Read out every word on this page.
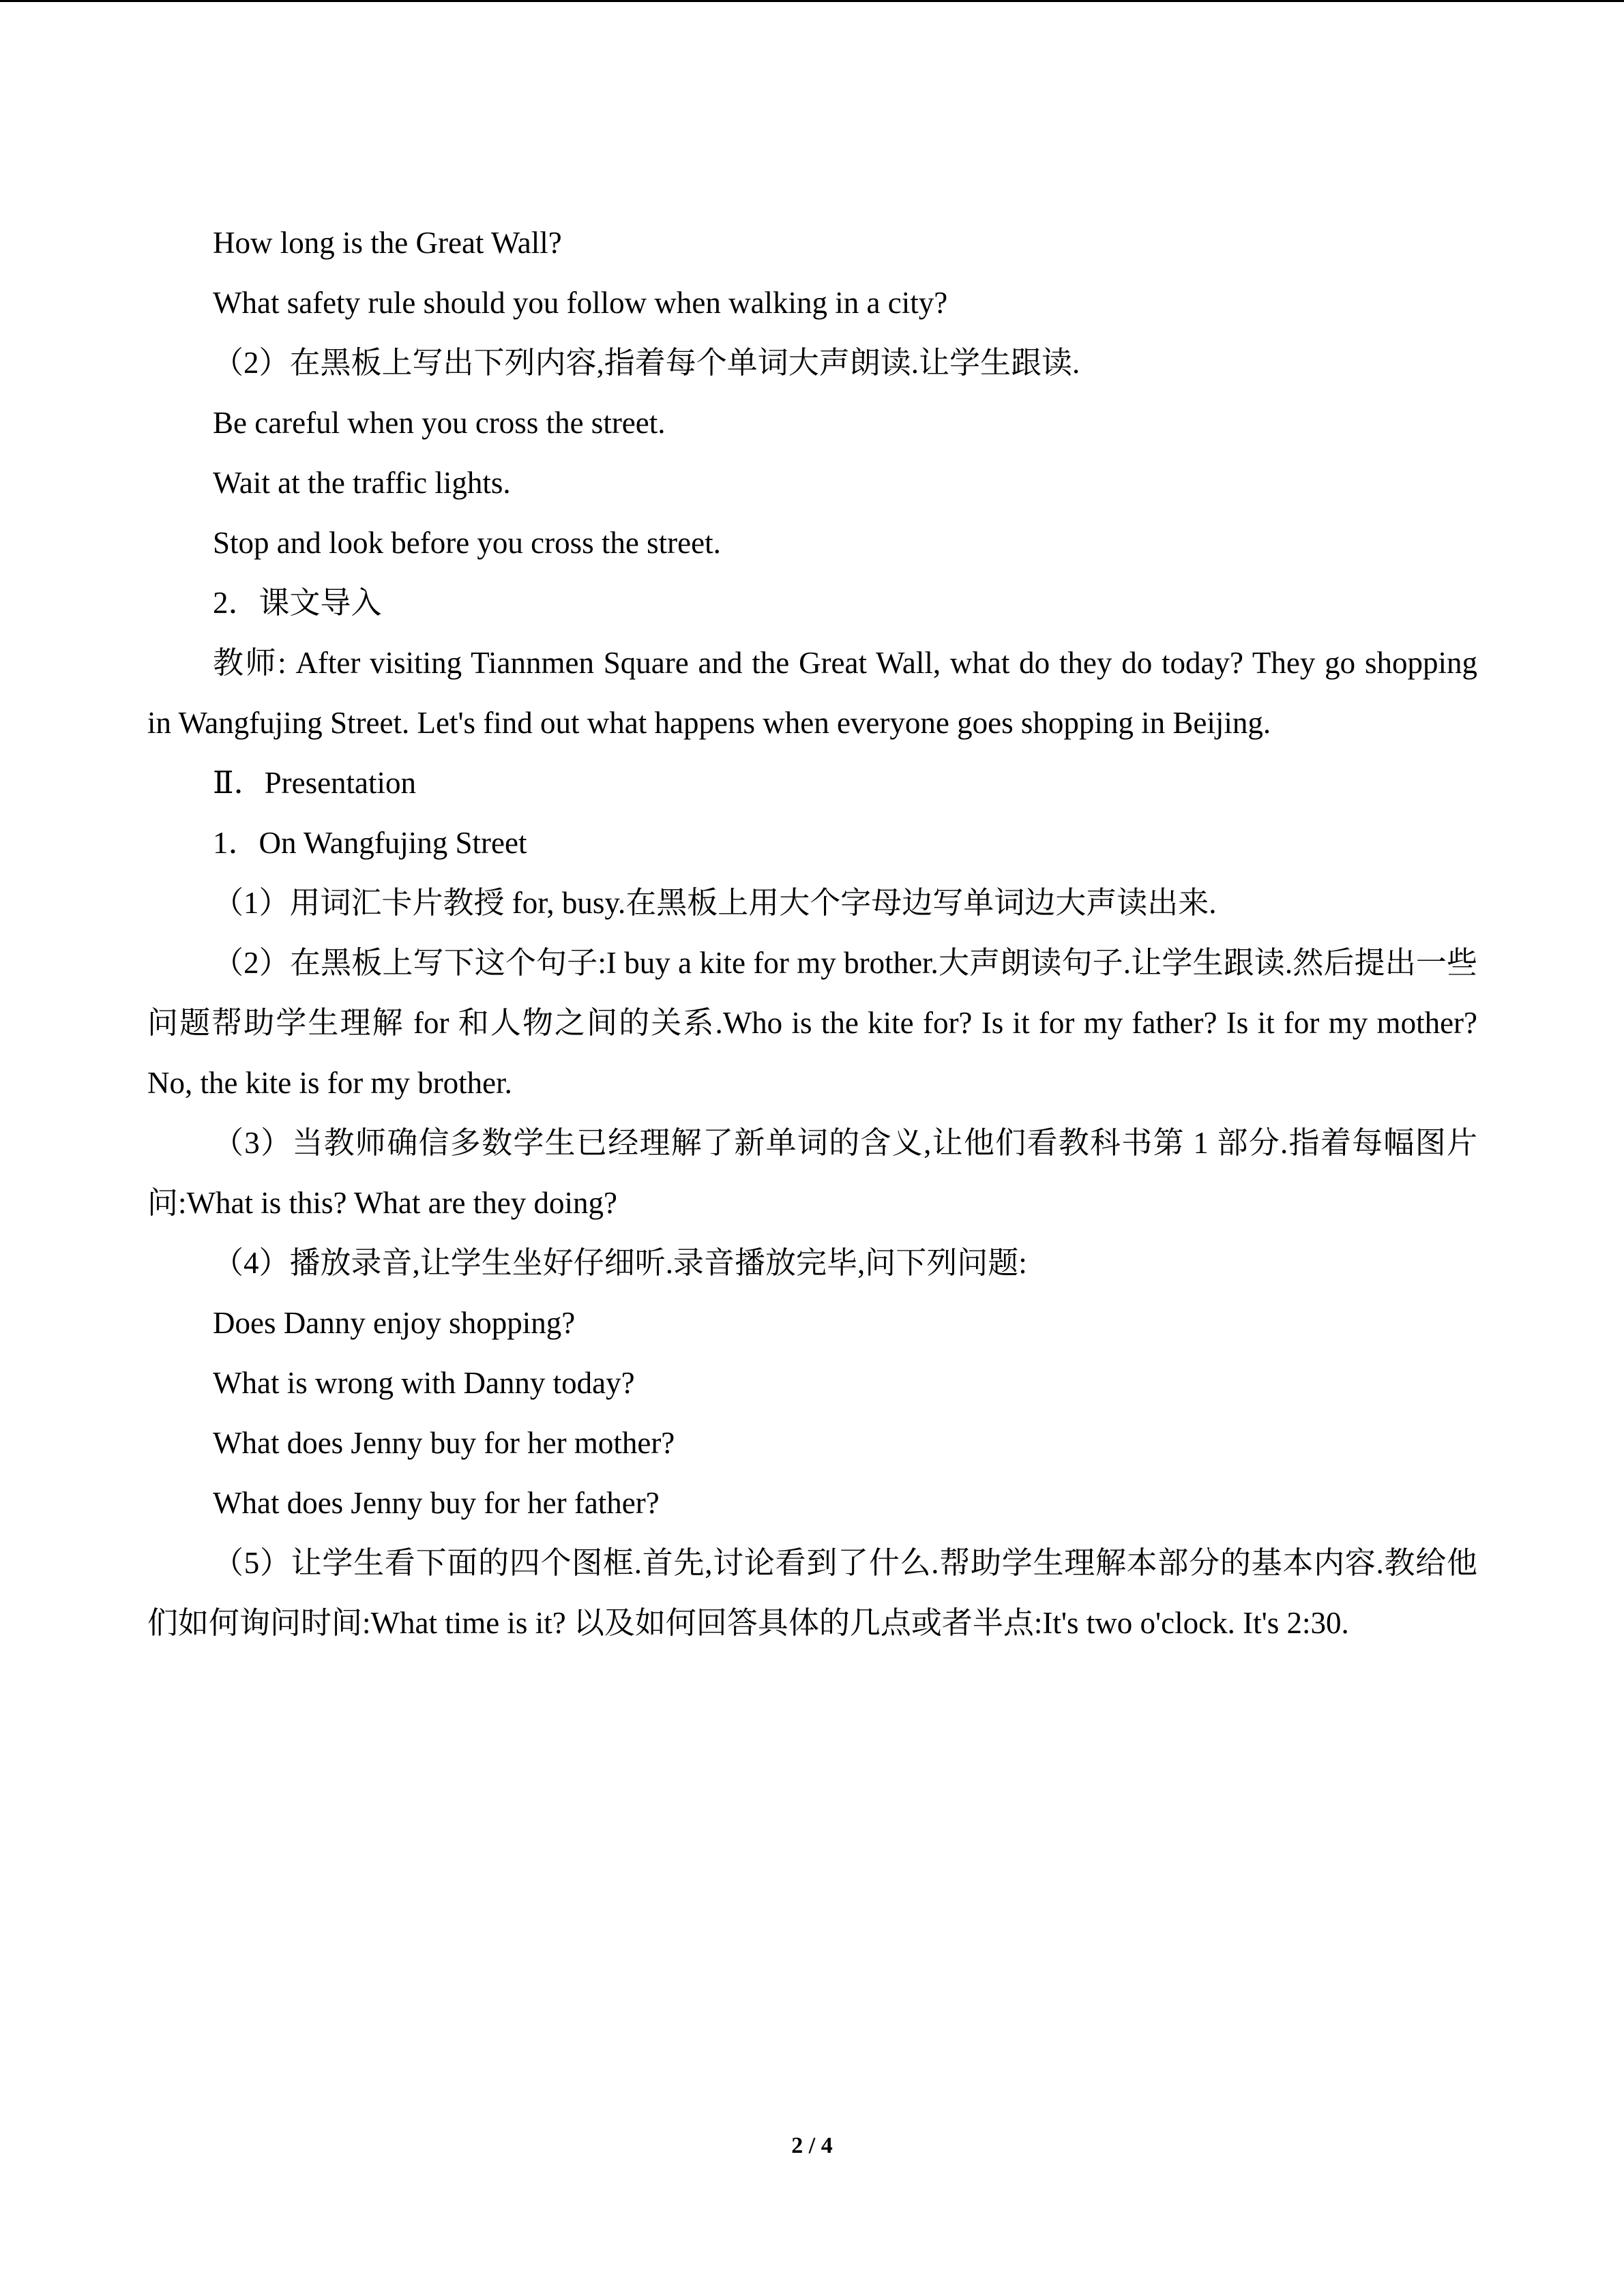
How long is the Great Wall?

What safety rule should you follow when walking in a city?

（2）在黑板上写出下列内容,指着每个单词大声朗读.让学生跟读.

Be careful when you cross the street.

Wait at the traffic lights.

Stop and look before you cross the street.

2．课文导入

教师: After visiting Tiannmen Square and the Great Wall, what do they do today? They go shopping in Wangfujing Street. Let's find out what happens when everyone goes shopping in Beijing.

Ⅱ．Presentation

1．On Wangfujing Street

（1）用词汇卡片教授 for, busy.在黑板上用大个字母边写单词边大声读出来.

（2）在黑板上写下这个句子:I buy a kite for my brother.大声朗读句子.让学生跟读.然后提出一些问题帮助学生理解 for 和人物之间的关系.Who is the kite for? Is it for my father? Is it for my mother? No, the kite is for my brother.

（3）当教师确信多数学生已经理解了新单词的含义,让他们看教科书第 1 部分.指着每幅图片问:What is this? What are they doing?

（4）播放录音,让学生坐好仔细听.录音播放完毕,问下列问题:

Does Danny enjoy shopping?

What is wrong with Danny today?

What does Jenny buy for her mother?

What does Jenny buy for her father?

（5）让学生看下面的四个图框.首先,讨论看到了什么.帮助学生理解本部分的基本内容.教给他们如何询问时间:What time is it? 以及如何回答具体的几点或者半点:It's two o'clock. It's 2:30.

2 / 4
